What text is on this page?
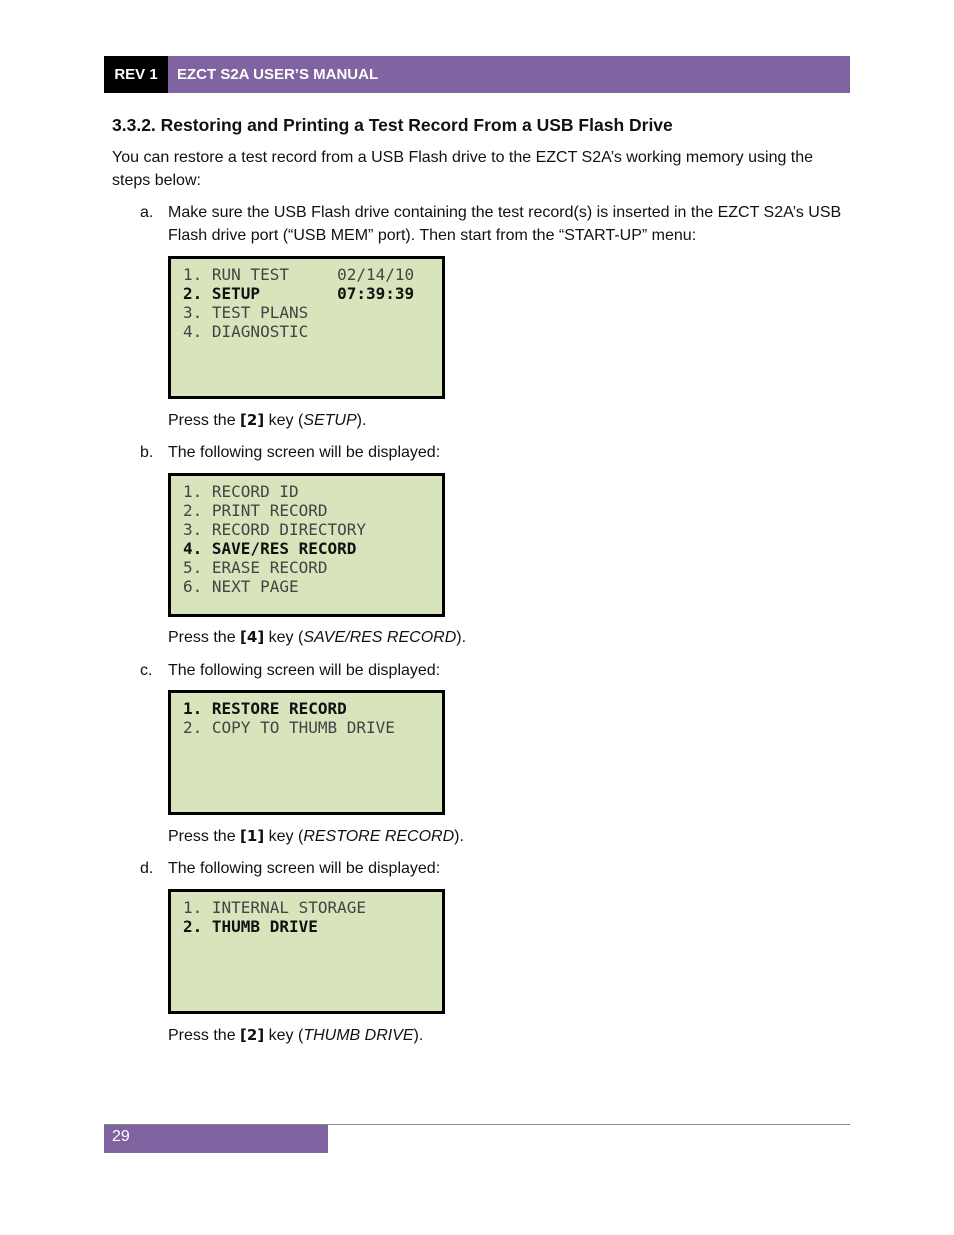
REV 1	EZCT S2A USER’S MANUAL
3.3.2. Restoring and Printing a Test Record From a USB Flash Drive

You can restore a test record from a USB Flash drive to the EZCT S2A’s working memory using the steps below:

a. Make sure the USB Flash drive containing the test record(s) is inserted in the EZCT S2A’s USB Flash drive port (“USB MEM” port). Then start from the “START-UP” menu:

1. RUN TEST     02/14/10
2. SETUP        07:39:39
3. TEST PLANS
4. DIAGNOSTIC
Press the [2] key (SETUP).
b. The following screen will be displayed:

1. RECORD ID
2. PRINT RECORD
3. RECORD DIRECTORY
4. SAVE/RES RECORD
5. ERASE RECORD
6. NEXT PAGE
Press the [4] key (SAVE/RES RECORD).
c. The following screen will be displayed:

1. RESTORE RECORD
2. COPY TO THUMB DRIVE
Press the [1] key (RESTORE RECORD).
d. The following screen will be displayed:

1. INTERNAL STORAGE
2. THUMB DRIVE
Press the [2] key (THUMB DRIVE).
29
